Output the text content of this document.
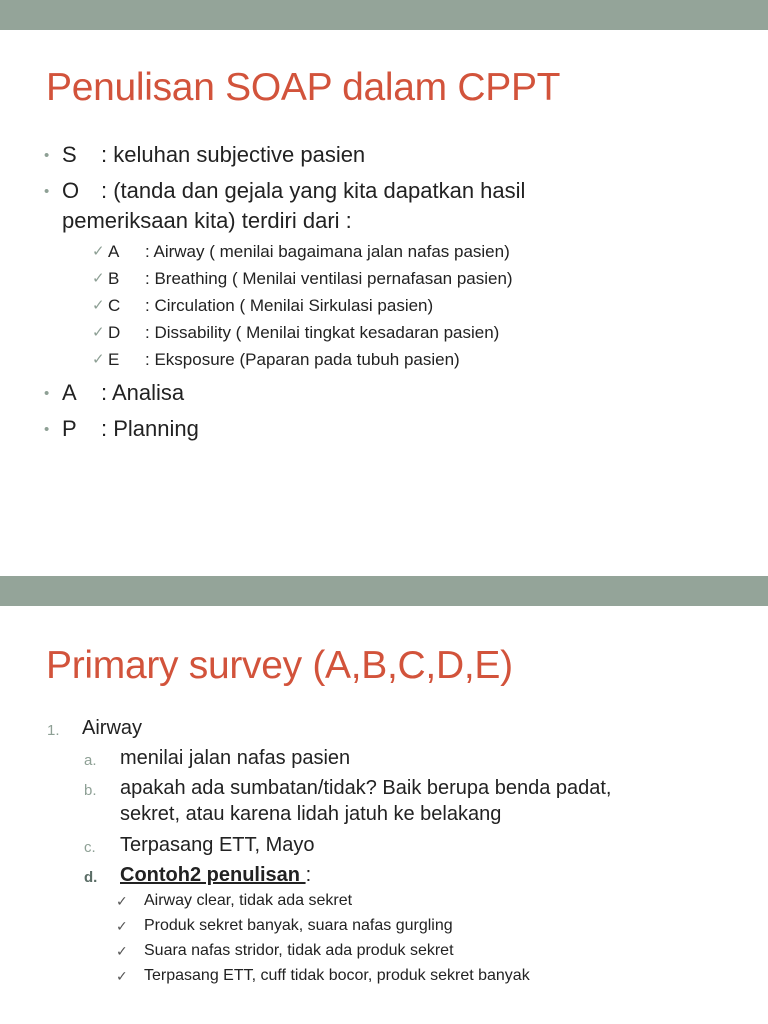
Penulisan SOAP dalam CPPT
• S : keluhan subjective pasien
• O : (tanda dan gejala yang kita dapatkan hasil
pemeriksaan kita) terdiri dari :
✓ A : Airway ( menilai bagaimana jalan nafas pasien)
✓ B : Breathing ( Menilai ventilasi pernafasan pasien)
✓ C : Circulation ( Menilai Sirkulasi pasien)
✓ D : Dissability ( Menilai tingkat kesadaran pasien)
✓ E : Eksposure (Paparan pada tubuh pasien)
• A : Analisa
• P : Planning
Primary survey (A,B,C,D,E)
1. Airway
a. menilai jalan nafas pasien
b. apakah ada sumbatan/tidak? Baik berupa benda padat,
sekret, atau karena lidah jatuh ke belakang
c. Terpasang ETT, Mayo
d. Contoh2 penulisan :
✓ Airway clear, tidak ada sekret
✓ Produk sekret banyak, suara nafas gurgling
✓ Suara nafas stridor, tidak ada produk sekret
✓ Terpasang ETT, cuff tidak bocor, produk sekret banyak
